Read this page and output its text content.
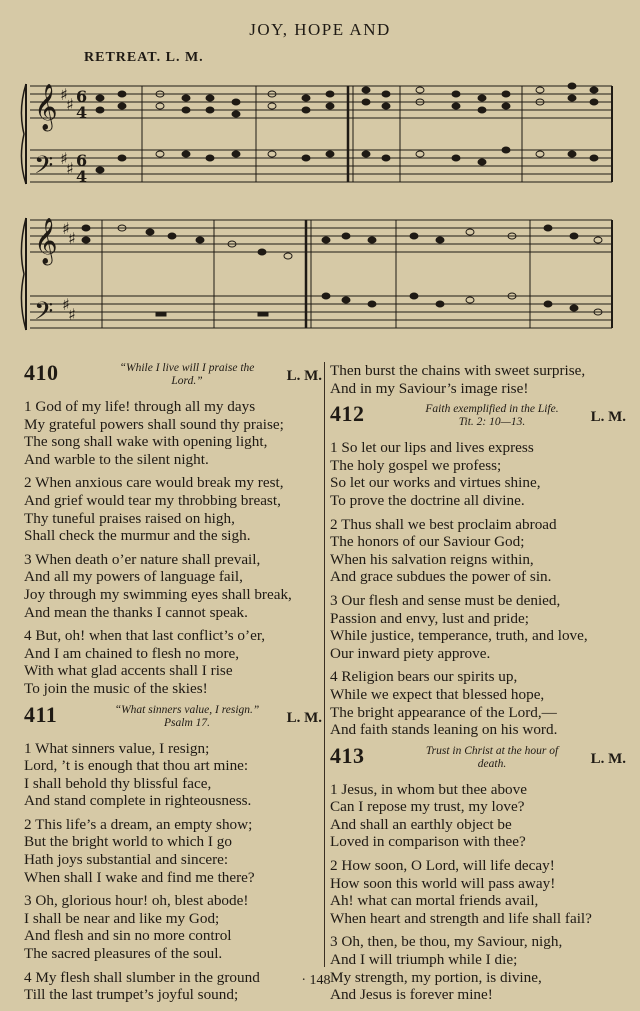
JOY, HOPE AND
RETREAT. L. M.
𝄞
𝄢
♯
♯
♯
♯
6
4
6
4
𝄞
𝄢
♯
♯
♯
♯
410	“While I live will I praise the
Lord.”	L. M.
1 God of my life! through all my days
My grateful powers shall sound thy praise;
The song shall wake with opening light,
And warble to the silent night.
2 When anxious care would break my rest,
And grief would tear my throbbing breast,
Thy tuneful praises raised on high,
Shall check the murmur and the sigh.
3 When death o’er nature shall prevail,
And all my powers of language fail,
Joy through my swimming eyes shall break,
And mean the thanks I cannot speak.
4 But, oh! when that last conflict’s o’er,
And I am chained to flesh no more,
With what glad accents shall I rise
To join the music of the skies!
411	“What sinners value, I resign.”
Psalm 17.	L. M.
1 What sinners value, I resign;
Lord, ’t is enough that thou art mine:
I shall behold thy blissful face,
And stand complete in righteousness.
2 This life’s a dream, an empty show;
But the bright world to which I go
Hath joys substantial and sincere:
When shall I wake and find me there?
3 Oh, glorious hour! oh, blest abode!
I shall be near and like my God;
And flesh and sin no more control
The sacred pleasures of the soul.
4 My flesh shall slumber in the ground
Till the last trumpet’s joyful sound;
Then burst the chains with sweet surprise,
And in my Saviour’s image rise!
412	Faith exemplified in the Life.
Tit. 2: 10—13.	L. M.
1 So let our lips and lives express
The holy gospel we profess;
So let our works and virtues shine,
To prove the doctrine all divine.
2 Thus shall we best proclaim abroad
The honors of our Saviour God;
When his salvation reigns within,
And grace subdues the power of sin.
3 Our flesh and sense must be denied,
Passion and envy, lust and pride;
While justice, temperance, truth, and love,
Our inward piety approve.
4 Religion bears our spirits up,
While we expect that blessed hope,
The bright appearance of the Lord,—
And faith stands leaning on his word.
413	Trust in Christ at the hour of
death.	L. M.
1 Jesus, in whom but thee above
Can I repose my trust, my love?
And shall an earthly object be
Loved in comparison with thee?
2 How soon, O Lord, will life decay!
How soon this world will pass away!
Ah! what can mortal friends avail,
When heart and strength and life shall fail?
3 Oh, then, be thou, my Saviour, nigh,
And I will triumph while I die;
My strength, my portion, is divine,
And Jesus is forever mine!
· 148 ·
